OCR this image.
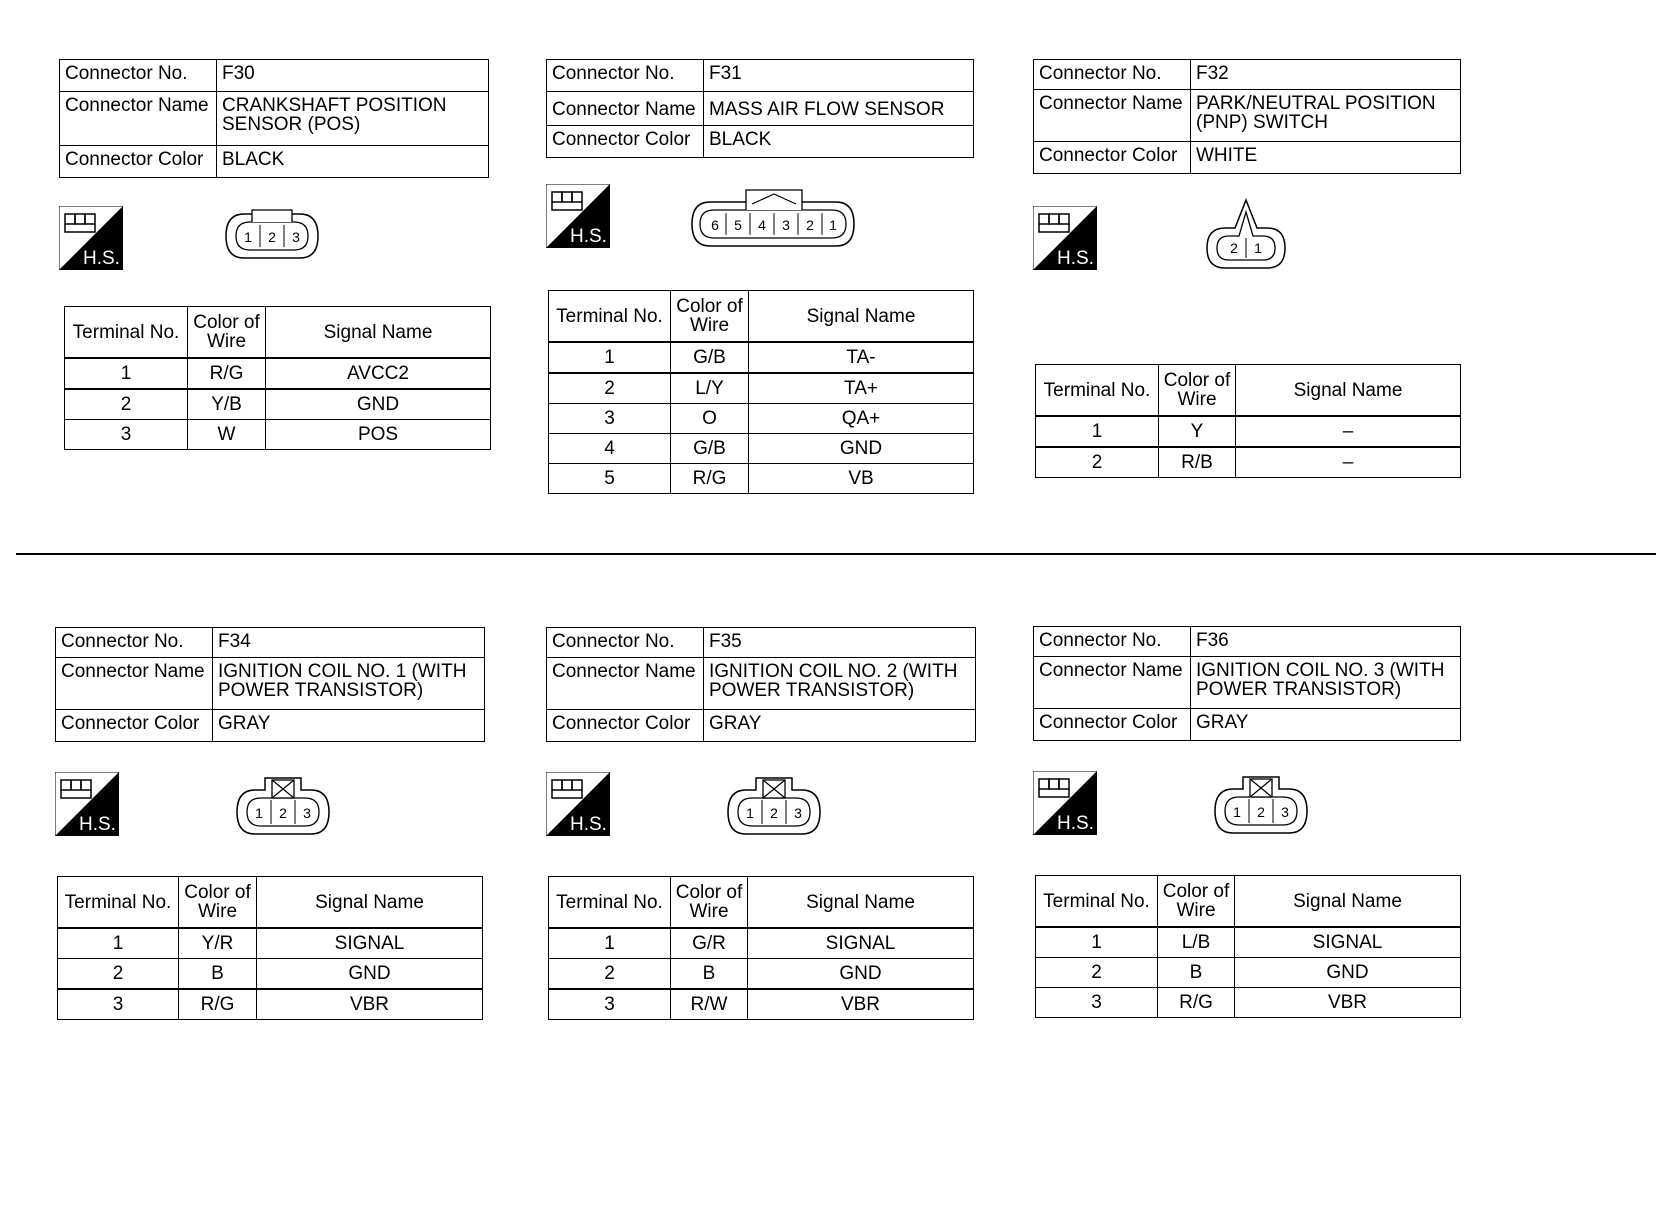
Connector No.	F30
Connector Name	CRANKSHAFT POSITION SENSOR (POS)
Connector Color	BLACK
H.S.
1 2 3
Terminal No.	Color of Wire	Signal Name
1	R/G	AVCC2
2	Y/B	GND
3	W	POS
Connector No.	F31
Connector Name	MASS AIR FLOW SENSOR
Connector Color	BLACK
H.S.
6 5 4 3 2 1
Terminal No.	Color of Wire	Signal Name
1	G/B	TA-
2	L/Y	TA+
3	O	QA+
4	G/B	GND
5	R/G	VB
Connector No.	F32
Connector Name	PARK/NEUTRAL POSITION (PNP) SWITCH
Connector Color	WHITE
H.S.	2 1
Terminal No.	Color of Wire	Signal Name
1	Y	–
2	R/B	–
Connector No.	F34
Connector Name	IGNITION COIL NO. 1 (WITH POWER TRANSISTOR)
Connector Color	GRAY
H.S.
1 2 3
Terminal No.	Color of Wire	Signal Name
1	Y/R	SIGNAL
2	B	GND
3	R/G	VBR
Connector No.	F35
Connector Name	IGNITION COIL NO. 2 (WITH POWER TRANSISTOR)
Connector Color	GRAY
H.S.
1 2 3
Terminal No.	Color of Wire	Signal Name
1	G/R	SIGNAL
2	B	GND
3	R/W	VBR
Connector No.	F36
Connector Name	IGNITION COIL NO. 3 (WITH POWER TRANSISTOR)
Connector Color	GRAY
H.S.
1 2 3
Terminal No.	Color of Wire	Signal Name
1	L/B	SIGNAL
2	B	GND
3	R/G	VBR
